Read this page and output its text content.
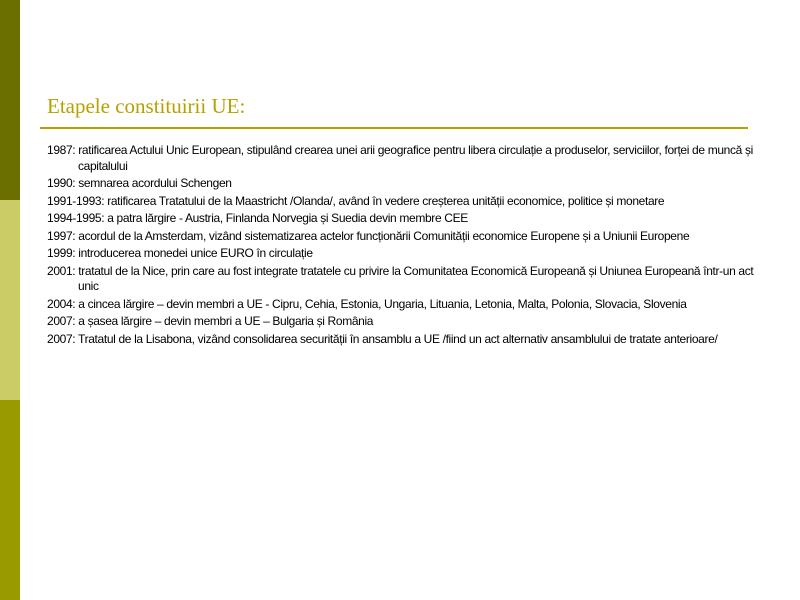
Etapele constituirii UE:
1987: ratificarea Actului Unic European, stipulând crearea unei arii geografice pentru libera circulație a produselor, serviciilor, forței de muncă și capitalului
1990: semnarea acordului Schengen
1991-1993: ratificarea Tratatului de la Maastricht /Olanda/, având în vedere creșterea unității economice, politice și monetare
1994-1995: a patra lărgire - Austria, Finlanda Norvegia și Suedia devin membre CEE
1997: acordul de la Amsterdam, vizând sistematizarea actelor funcționării Comunității economice Europene și a Uniunii Europene
1999: introducerea monedei unice EURO în circulație
2001: tratatul de la Nice, prin care au fost integrate tratatele cu privire la Comunitatea Economică Europeană și Uniunea Europeană într-un act unic
2004: a cincea lărgire – devin membri a UE - Cipru, Cehia, Estonia, Ungaria, Lituania, Letonia, Malta, Polonia, Slovacia, Slovenia
2007: a șasea lărgire – devin membri a UE – Bulgaria și România
2007: Tratatul de la Lisabona, vizând consolidarea securității în ansamblu a UE /fiind un act alternativ ansamblului de tratate anterioare/
